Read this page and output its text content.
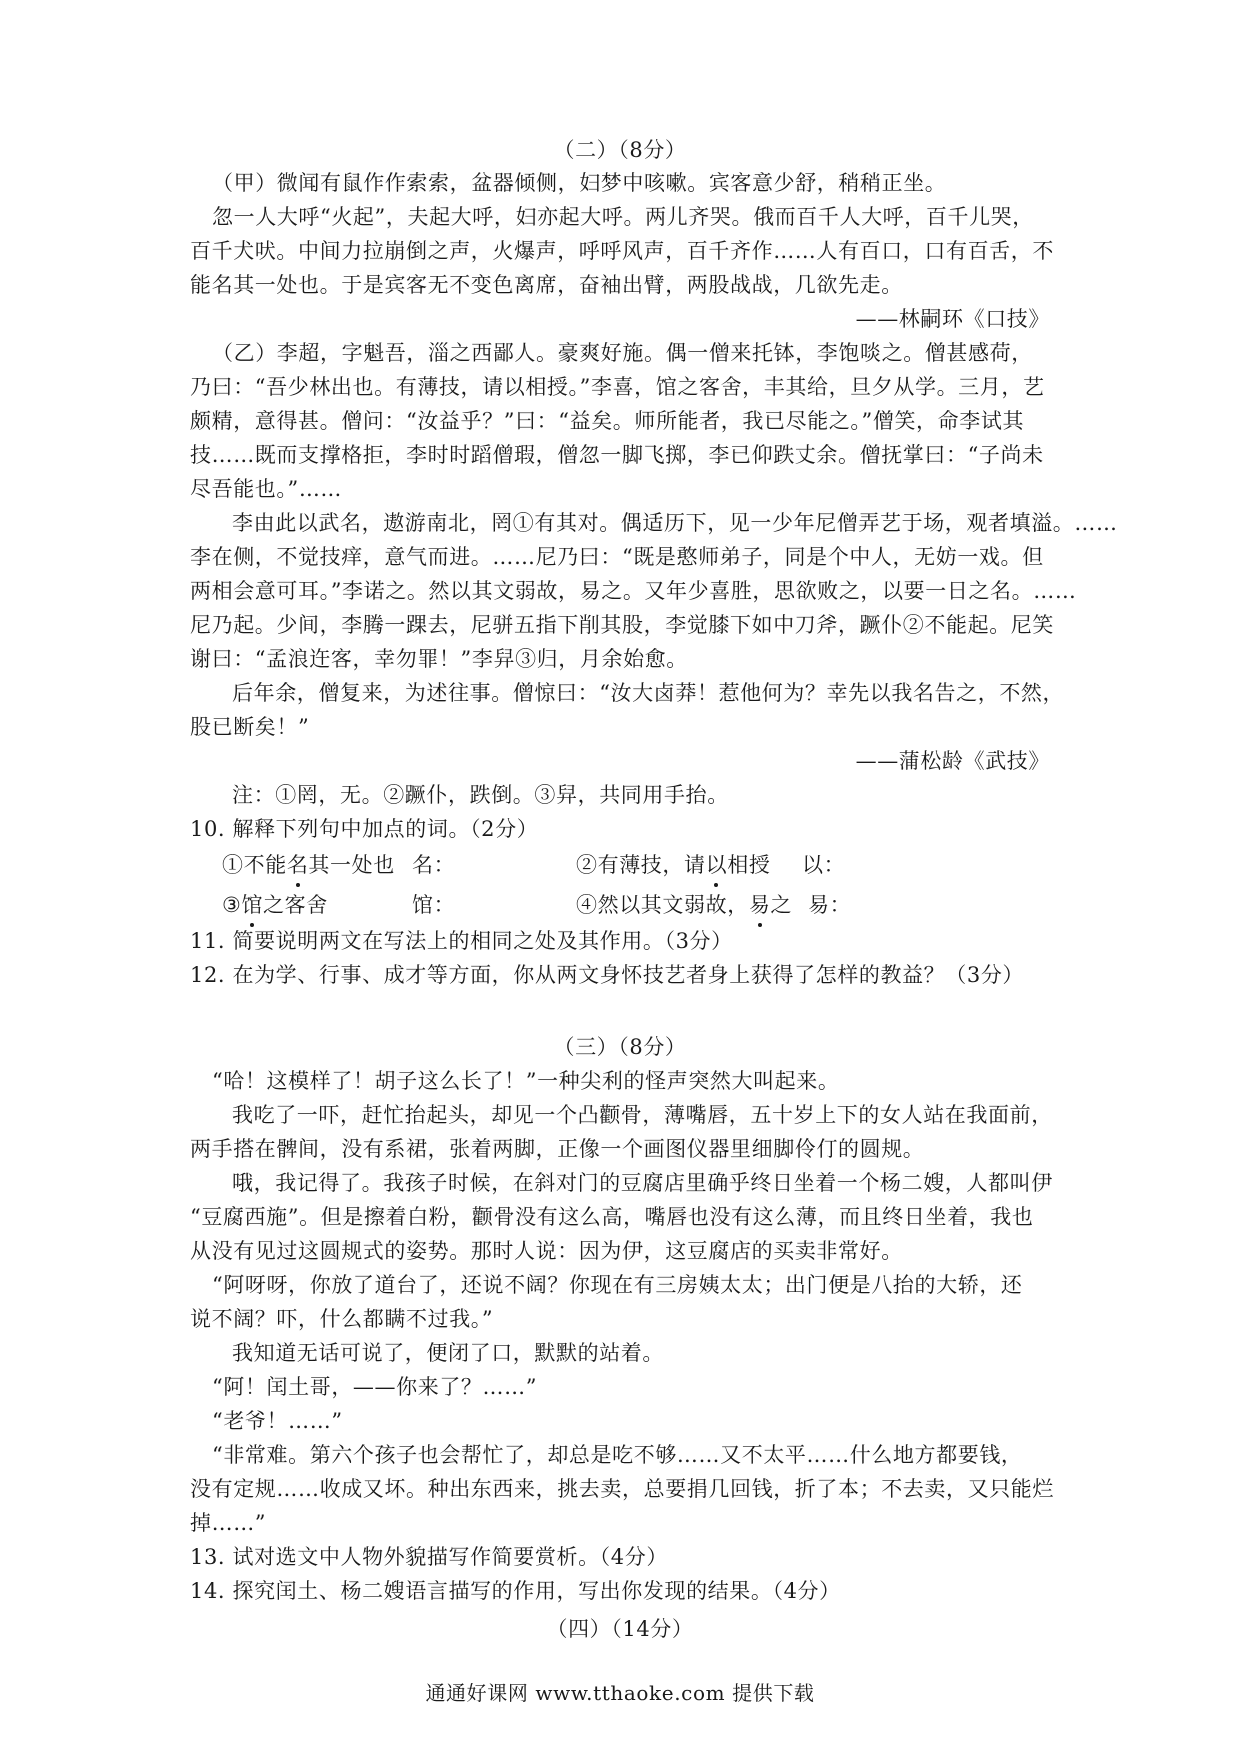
（二）（8分）
（甲）微闻有鼠作作索索，盆器倾侧，妇梦中咳嗽。宾客意少舒，稍稍正坐。
忽一人大呼“火起”，夫起大呼，妇亦起大呼。两儿齐哭。俄而百千人大呼，百千儿哭，
百千犬吠。中间力拉崩倒之声，火爆声，呼呼风声，百千齐作……人有百口，口有百舌，不
能名其一处也。于是宾客无不变色离席，奋袖出臂，两股战战，几欲先走。
——林嗣环《口技》
（乙）李超，字魁吾，淄之西鄙人。豪爽好施。偶一僧来托钵，李饱啖之。僧甚感荷，
乃曰：“吾少林出也。有薄技，请以相授。”李喜，馆之客舍，丰其给，旦夕从学。三月，艺
颇精，意得甚。僧问：“汝益乎？”曰：“益矣。师所能者，我已尽能之。”僧笑，命李试其
技……既而支撑格拒，李时时蹈僧瑕，僧忽一脚飞掷，李已仰跌丈余。僧抚掌曰：“子尚未
尽吾能也。”……
李由此以武名，遨游南北，罔①有其对。偶适历下，见一少年尼僧弄艺于场，观者填溢。……
李在侧，不觉技痒，意气而进。……尼乃曰：“既是憨师弟子，同是个中人，无妨一戏。但
两相会意可耳。”李诺之。然以其文弱故，易之。又年少喜胜，思欲败之，以要一日之名。……
尼乃起。少间，李腾一踝去，尼骈五指下削其股，李觉膝下如中刀斧，蹶仆②不能起。尼笑
谢曰：“孟浪迕客，幸勿罪！”李舁③归，月余始愈。
后年余，僧复来，为述往事。僧惊曰：“汝大卤莽！惹他何为？幸先以我名告之，不然，
股已断矣！”
——蒲松龄《武技》
注：①罔，无。②蹶仆，跌倒。③舁，共同用手抬。
10. 解释下列句中加点的词。（2分）
①不能名其一处也 名：	②有薄技，请以相授 以：
③馆之客舍	馆：	④然以其文弱故，易之 易：
11. 简要说明两文在写法上的相同之处及其作用。（3分）
12. 在为学、行事、成才等方面，你从两文身怀技艺者身上获得了怎样的教益？（3分）
（三）（8分）
“哈！这模样了！胡子这么长了！”一种尖利的怪声突然大叫起来。
我吃了一吓，赶忙抬起头，却见一个凸颧骨，薄嘴唇，五十岁上下的女人站在我面前，
两手搭在髀间，没有系裙，张着两脚，正像一个画图仪器里细脚伶仃的圆规。
哦，我记得了。我孩子时候，在斜对门的豆腐店里确乎终日坐着一个杨二嫂，人都叫伊
“豆腐西施”。但是擦着白粉，颧骨没有这么高，嘴唇也没有这么薄，而且终日坐着，我也
从没有见过这圆规式的姿势。那时人说：因为伊，这豆腐店的买卖非常好。
“阿呀呀，你放了道台了，还说不阔？你现在有三房姨太太；出门便是八抬的大轿，还
说不阔？吓，什么都瞒不过我。”
我知道无话可说了，便闭了口，默默的站着。
“阿！闰土哥，——你来了？……”
“老爷！……”
“非常难。第六个孩子也会帮忙了，却总是吃不够……又不太平……什么地方都要钱，
没有定规……收成又坏。种出东西来，挑去卖，总要捐几回钱，折了本；不去卖，又只能烂
掉……”
13. 试对选文中人物外貌描写作简要赏析。（4分）
14. 探究闰土、杨二嫂语言描写的作用，写出你发现的结果。（4分）
（四）（14分）
通通好课网 www.tthaoke.com 提供下载
